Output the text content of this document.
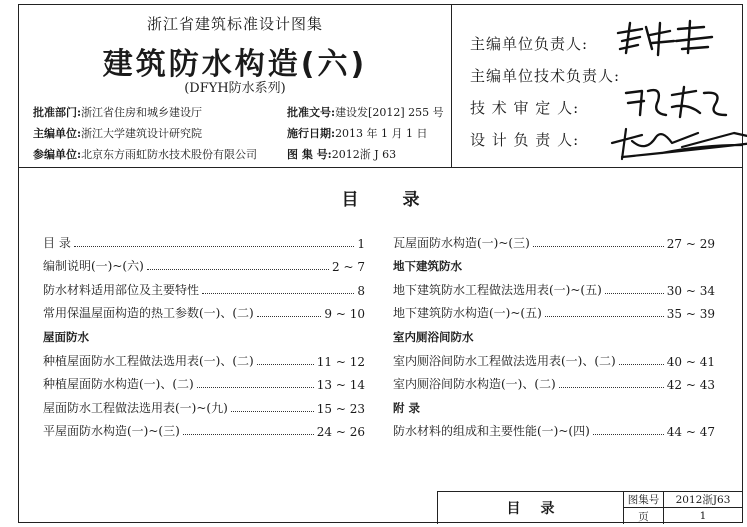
浙江省建筑标准设计图集
建筑防水构造(六)
(DFYH防水系列)
批准部门:浙江省住房和城乡建设厅
主编单位:浙江大学建筑设计研究院
参编单位:北京东方雨虹防水技术股份有限公司
批准文号:建设发[2012] 255 号
施行日期:2013 年 1 月 1 日
图 集 号:2012浙 J 63
主编单位负责人:
主编单位技术负责人:
技 术 审 定 人:
设 计 负 责 人:
目	录
目 录	1
编制说明(一)~(六)	2 ~ 7
防水材料适用部位及主要特性	8
常用保温屋面构造的热工参数(一)、(二)	9 ~ 10
屋面防水
种植屋面防水工程做法选用表(一)、(二)	11 ~ 12
种植屋面防水构造(一)、(二)	13 ~ 14
屋面防水工程做法选用表(一)~(九)	15 ~ 23
平屋面防水构造(一)~(三)	24 ~ 26
瓦屋面防水构造(一)~(三)	27 ~ 29
地下建筑防水
地下建筑防水工程做法选用表(一)~(五)	30 ~ 34
地下建筑防水构造(一)~(五)	35 ~ 39
室内厕浴间防水
室内厕浴间防水工程做法选用表(一)、(二)	40 ~ 41
室内厕浴间防水构造(一)、(二)	42 ~ 43
附 录
防水材料的组成和主要性能(一)~(四)	44 ~ 47
目 录
图集号	2012浙J63
页	1
